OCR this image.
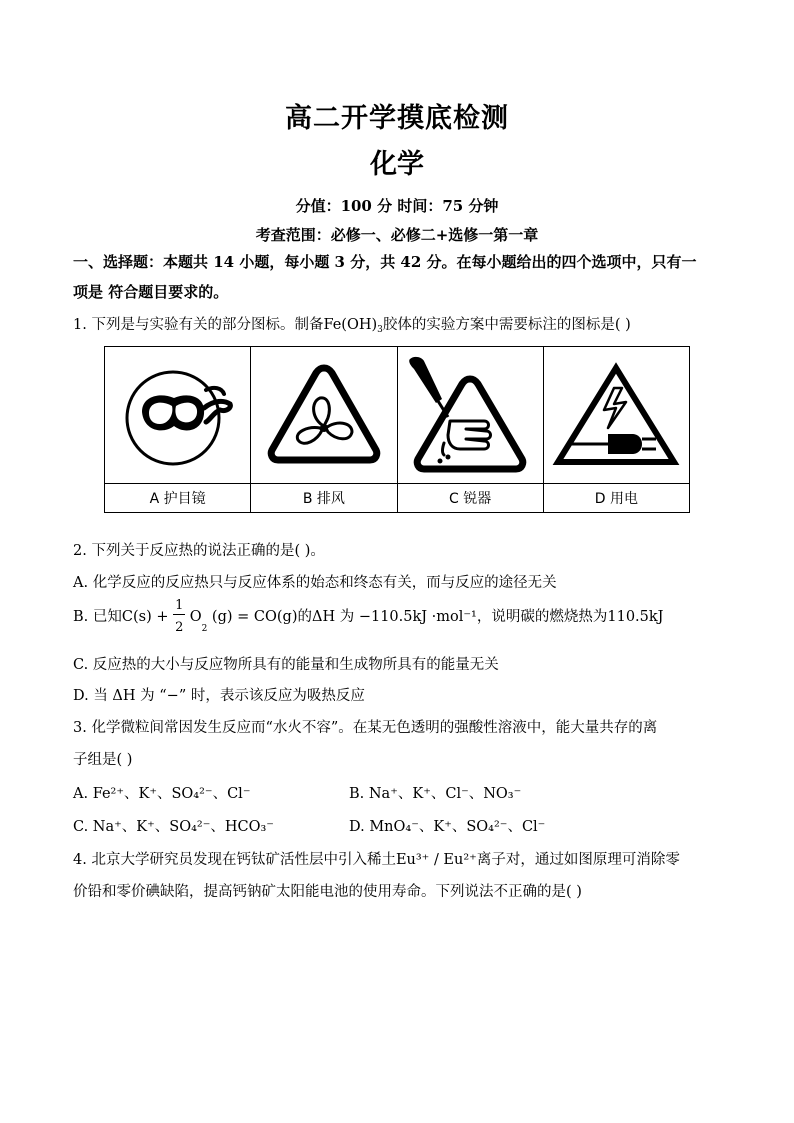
高二开学摸底检测
化学
分值：100 分 时间：75 分钟
考查范围：必修一、必修二+选修一第一章
一、选择题：本题共 14 小题，每小题 3 分，共 42 分。在每小题给出的四个选项中，只有一
项是 符合题目要求的。
1. 下列是与实验有关的部分图标。制备$Fe(OH)_3$胶体的实验方案中需要标注的图标是( )

A 护目镜	B 排风	C 锐器	D 用电
2. 下列关于反应热的说法正确的是( )。
A. 化学反应的反应热只与反应体系的始态和终态有关，而与反应的途径无关
B. 已知$C(s) + \frac{1}{2} O_2$ (g) = CO(g)的ΔH 为 −110.5kJ ·mol⁻¹，说明碳的燃烧热为110.5kJ
C. 反应热的大小与反应物所具有的能量和生成物所具有的能量无关
D. 当 ΔH 为 “−” 时，表示该反应为吸热反应
3. 化学微粒间常因发生反应而“水火不容”。在某无色透明的强酸性溶液中，能大量共存的离
子组是( )
A. Fe²⁺、K⁺、SO₄²⁻、Cl⁻	B. Na⁺、K⁺、Cl⁻、NO₃⁻
C. Na⁺、K⁺、SO₄²⁻、HCO₃⁻	D. MnO₄⁻、K⁺、SO₄²⁻、Cl⁻
4. 北京大学研究员发现在钙钛矿活性层中引入稀土Eu³⁺ / Eu²⁺离子对，通过如图原理可消除零
价铅和零价碘缺陷，提高钙钠矿太阳能电池的使用寿命。下列说法不正确的是( )
